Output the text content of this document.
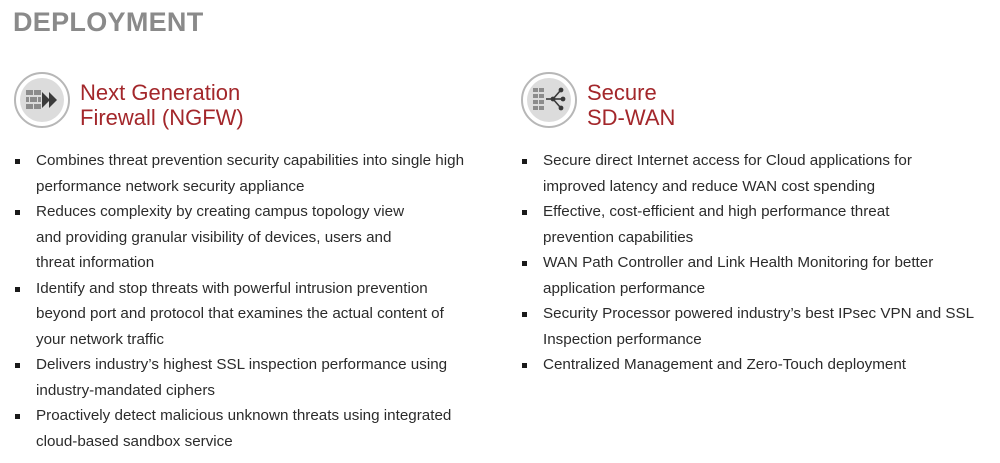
DEPLOYMENT
Next Generation
Firewall (NGFW)
Combines threat prevention security capabilities into single high
performance network security appliance
Reduces complexity by creating campus topology view
and providing granular visibility of devices, users and
threat information
Identify and stop threats with powerful intrusion prevention
beyond port and protocol that examines the actual content of
your network traffic
Delivers industry’s highest SSL inspection performance using
industry-mandated ciphers
Proactively detect malicious unknown threats using integrated
cloud-based sandbox service
Secure
SD-WAN
Secure direct Internet access for Cloud applications for
improved latency and reduce WAN cost spending
Effective, cost-efficient and high performance threat
prevention capabilities
WAN Path Controller and Link Health Monitoring for better
application performance
Security Processor powered industry’s best IPsec VPN and SSL
Inspection performance
Centralized Management and Zero-Touch deployment
